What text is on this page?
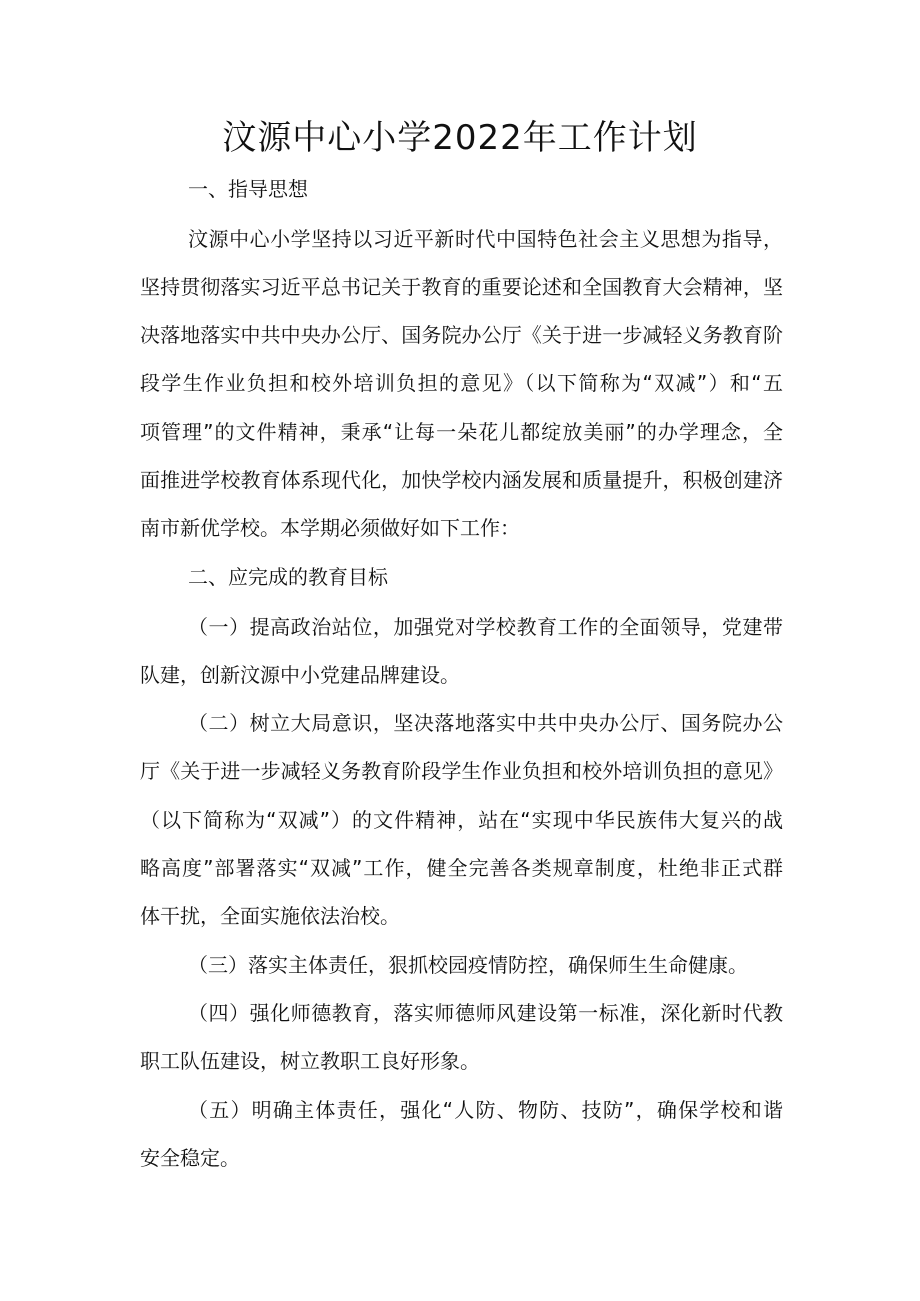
汶源中心小学2022年工作计划
一、指导思想
汶源中心小学坚持以习近平新时代中国特色社会主义思想为指导，
坚持贯彻落实习近平总书记关于教育的重要论述和全国教育大会精神，坚
决落地落实中共中央办公厅、国务院办公厅《关于进一步减轻义务教育阶
段学生作业负担和校外培训负担的意见》（以下简称为“双减”）和“五
项管理”的文件精神，秉承“让每一朵花儿都绽放美丽”的办学理念，全
面推进学校教育体系现代化，加快学校内涵发展和质量提升，积极创建济
南市新优学校。本学期必须做好如下工作：
二、应完成的教育目标
（一）提高政治站位，加强党对学校教育工作的全面领导，党建带
队建，创新汶源中小党建品牌建设。
（二）树立大局意识，坚决落地落实中共中央办公厅、国务院办公
厅《关于进一步减轻义务教育阶段学生作业负担和校外培训负担的意见》
（以下简称为“双减”）的文件精神，站在“实现中华民族伟大复兴的战
略高度”部署落实“双减”工作，健全完善各类规章制度，杜绝非正式群
体干扰，全面实施依法治校。
（三）落实主体责任，狠抓校园疫情防控，确保师生生命健康。
（四）强化师德教育，落实师德师风建设第一标准，深化新时代教
职工队伍建设，树立教职工良好形象。
（五）明确主体责任，强化“人防、物防、技防”，确保学校和谐
安全稳定。
